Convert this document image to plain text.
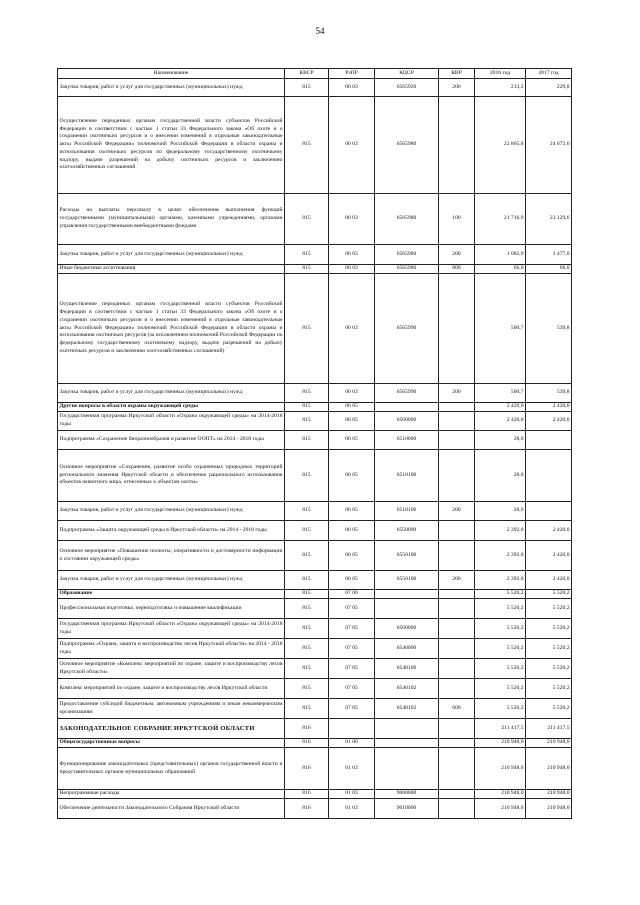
54
Наименование	КВСР	РзПР	КЦСР	КВР	2016 год	2017 год
Закупка товаров, работ и услуг для государственных (муниципальных) нужд	815	06 03	6565920	200	213,2	229,8
Осуществление переданных органам государственной власти субъектов Российской Федерации в соответствии с частью 1 статьи 33 Федерального закона «Об охоте и о сохранении охотничьих ресурсов и о внесении изменений в отдельные законодательные акты Российской Федерации» полномочий Российской Федерации в области охраны и использования охотничьих ресурсов по федеральному государственному охотничьему надзору, выдаче разрешений на добычу охотничьих ресурсов и заключению охотхозяйственных соглашений	815	06 03	6565980		22 865,8	24 672,6
Расходы на выплаты персоналу в целях обеспечения выполнения функций государственными (муниципальными) органами, казенными учреждениями, органами управления государственными внебюджетными фондами	815	06 03	6565980	100	21 716,9	23 129,6
Закупка товаров, работ и услуг для государственных (муниципальных) нужд	815	06 03	6565980	200	1 082,9	1 477,0
Иные бюджетные ассигнования	815	06 03	6565980	800	66,0	66,0
Осуществление переданных органам государственной власти субъектов Российской Федерации в соответствии с частью 1 статьи 33 Федерального закона «Об охоте и о сохранении охотничьих ресурсов и о внесении изменений в отдельные законодательные акты Российской Федерации» полномочий Российской Федерации в области охраны и использования охотничьих ресурсов (за исключением полномочий Российской Федерации по федеральному государственному охотничьему надзору, выдаче разрешений на добычу охотничьих ресурсов и заключению охотхозяйственных соглашений)	815	06 03	6565990		500,7	539,8
Закупка товаров, работ и услуг для государственных (муниципальных) нужд	815	06 03	6565990	200	500,7	539,8
Другие вопросы в области охраны окружающей среды	815	06 05			2 420,0	2 420,0
Государственная программа Иркутской области «Охрана окружающей среды» на 2014-2018 годы	815	06 05	6500000		2 420,0	2 420,0
Подпрограмма «Сохранение биоразнообразия и развитие ООПТ» на 2014 - 2018 годы	815	06 05	6510000		28,0	
Основное мероприятие «Сохранение, развитие особо охраняемых природных территорий регионального значения Иркутской области и обеспечение рационального использования объектов животного мира, отнесенных к объектам охоты»	815	06 05	6510100		28,0	
Закупка товаров, работ и услуг для государственных (муниципальных) нужд	815	06 05	6510100	200	28,0	
Подпрограмма «Защита окружающей среды в Иркутской области» на 2014 - 2018 годы	815	06 05	6550000		2 392,0	2 420,0
Основное мероприятие «Повышение полноты, оперативности и достоверности информации о состоянии окружающей среды»	815	06 05	6550100		2 392,0	2 420,0
Закупка товаров, работ и услуг для государственных (муниципальных) нужд	815	06 05	6550100	200	2 392,0	2 420,0
Образование	815	07 00			5 520,2	5 520,2
Профессиональная подготовка, переподготовка и повышение квалификации	815	07 05			5 520,2	5 520,2
Государственная программа Иркутской области «Охрана окружающей среды» на 2014-2018 годы	815	07 05	6500000		5 520,2	5 520,2
Подпрограмма «Охрана, защита и воспроизводство лесов Иркутской области» на 2014 - 2018 годы	815	07 05	6540000		5 520,2	5 520,2
Основное мероприятие «Комплекс мероприятий по охране, защите и воспроизводству лесов Иркутской области»	815	07 05	6540100		5 520,2	5 520,2
Комплекс мероприятий по охране, защите и воспроизводству лесов Иркутской области	815	07 05	6540102		5 520,2	5 520,2
Предоставление субсидий бюджетным, автономным учреждениям и иным некоммерческим организациям	815	07 05	6540102	600	5 520,2	5 520,2
ЗАКОНОДАТЕЛЬНОЕ СОБРАНИЕ ИРКУТСКОЙ ОБЛАСТИ	816				211 417,5	211 417,5
Общегосударственные вопросы	816	01 00			210 948,0	210 948,0
Функционирование законодательных (представительных) органов государственной власти и представительных органов муниципальных образований	816	01 03			210 948,0	210 948,0
Непрограммные расходы	816	01 03	9000000		210 948,0	210 948,0
Обеспечение деятельности Законодательного Собрания Иркутской области	816	01 03	9010000		210 948,0	210 948,0
